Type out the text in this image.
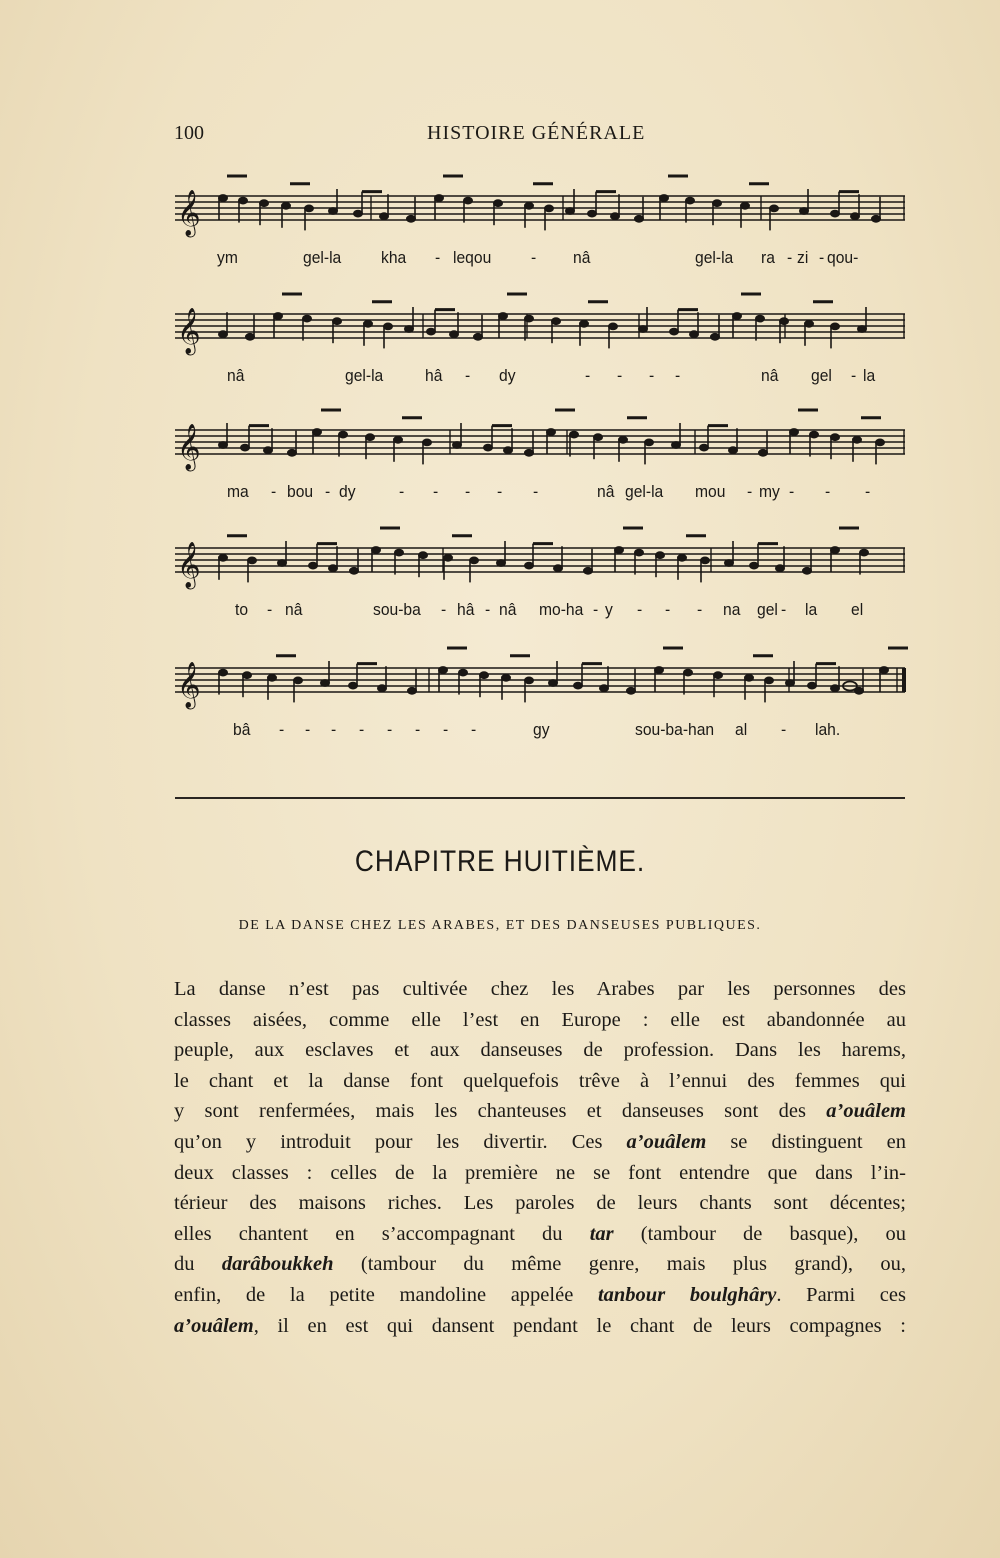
100	HISTOIRE GÉNÉRALE
𝄞
ym	gel-la kha - leqou - nâ	gel-la ra - zi - qou-
𝄞
nâ	gel-la hâ - dy	- - - -	nâ gel - la
𝄞
ma - bou - dy	- - - - -	nâ gel-la mou - my - - -
𝄞
to - nâ	sou-ba - hâ - nâ mo-ha - y - - - na gel - la el
𝄞
bâ - - - - - - - -	gy	sou-ba-han al - lah.
CHAPITRE HUITIÈME.
DE LA DANSE CHEZ LES ARABES, ET DES DANSEUSES PUBLIQUES.
La danse n’est pas cultivée chez les Arabes par les personnes des
classes aisées, comme elle l’est en Europe : elle est abandonnée au
peuple, aux esclaves et aux danseuses de profession. Dans les harems,
le chant et la danse font quelquefois trêve à l’ennui des femmes qui
y sont renfermées, mais les chanteuses et danseuses sont des a’ouâlem
qu’on y introduit pour les divertir. Ces a’ouâlem se distinguent en
deux classes : celles de la première ne se font entendre que dans l’in-
térieur des maisons riches. Les paroles de leurs chants sont décentes;
elles chantent en s’accompagnant du tar (tambour de basque), ou
du darâboukkeh (tambour du même genre, mais plus grand), ou,
enfin, de la petite mandoline appelée tanbour boulghâry. Parmi ces
a’ouâlem, il en est qui dansent pendant le chant de leurs compagnes :
